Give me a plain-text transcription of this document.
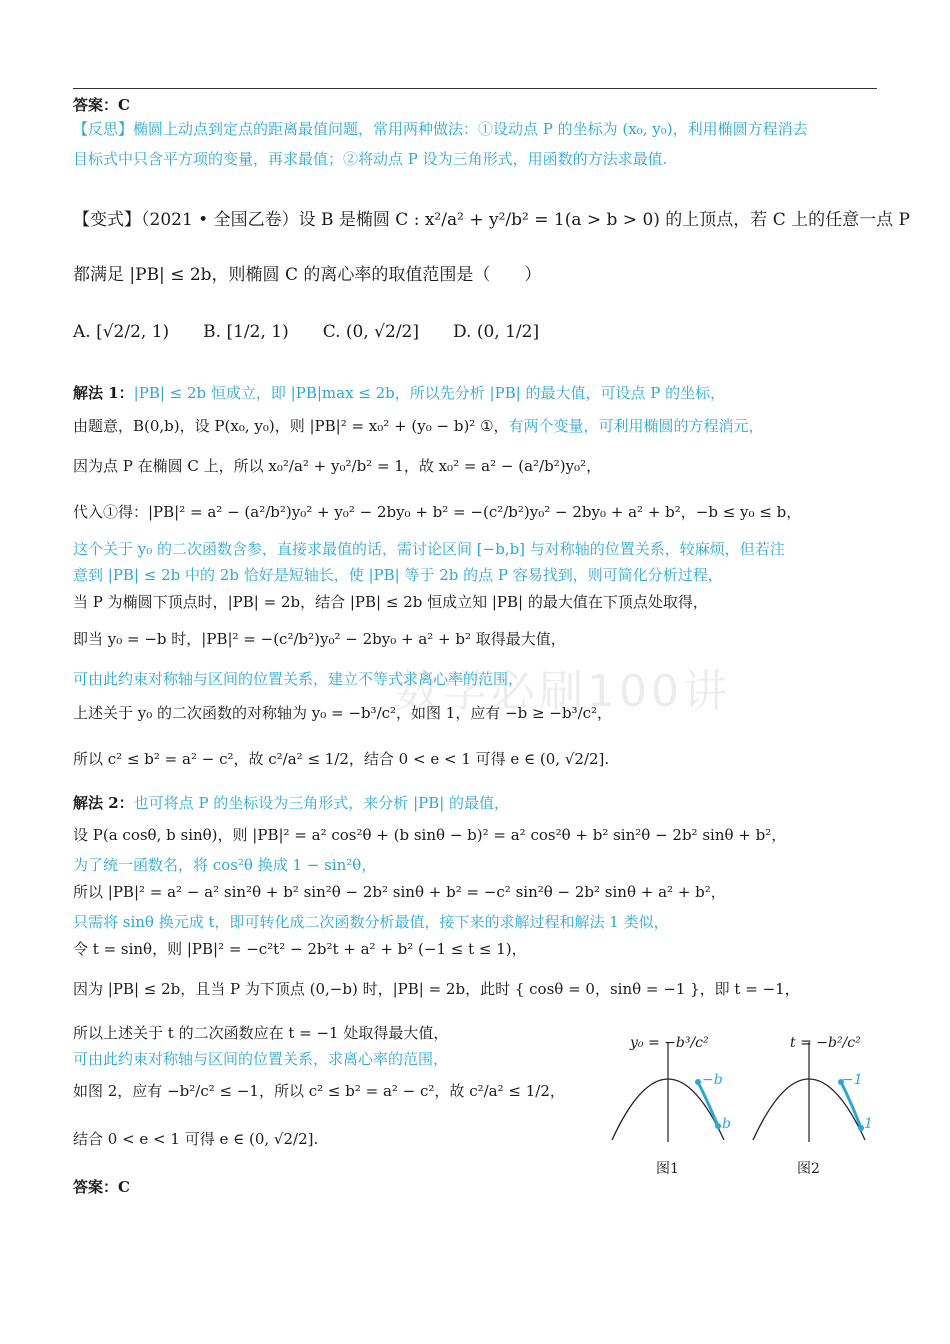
数学必刷100讲
答案：C
【反思】椭圆上动点到定点的距离最值问题，常用两种做法：①设动点 P 的坐标为 (x₀, y₀)，利用椭圆方程消去
目标式中只含平方项的变量，再求最值；②将动点 P 设为三角形式，用函数的方法求最值.
【变式】（2021 • 全国乙卷）设 B 是椭圆 C : x²/a² + y²/b² = 1(a > b > 0) 的上顶点，若 C 上的任意一点 P
都满足 |PB| ≤ 2b，则椭圆 C 的离心率的取值范围是（　　）
A. [√2/2, 1)　　B. [1/2, 1)　　C. (0, √2/2]　　D. (0, 1/2]
解法 1：|PB| ≤ 2b 恒成立，即 |PB|max ≤ 2b，所以先分析 |PB| 的最大值，可设点 P 的坐标，
由题意，B(0,b)，设 P(x₀, y₀)，则 |PB|² = x₀² + (y₀ − b)² ①，有两个变量，可利用椭圆的方程消元，
因为点 P 在椭圆 C 上，所以 x₀²/a² + y₀²/b² = 1，故 x₀² = a² − (a²/b²)y₀²，
代入①得：|PB|² = a² − (a²/b²)y₀² + y₀² − 2by₀ + b² = −(c²/b²)y₀² − 2by₀ + a² + b²，−b ≤ y₀ ≤ b，
这个关于 y₀ 的二次函数含参，直接求最值的话，需讨论区间 [−b,b] 与对称轴的位置关系，较麻烦，但若注
意到 |PB| ≤ 2b 中的 2b 恰好是短轴长，使 |PB| 等于 2b 的点 P 容易找到，则可简化分析过程，
当 P 为椭圆下顶点时，|PB| = 2b，结合 |PB| ≤ 2b 恒成立知 |PB| 的最大值在下顶点处取得，
即当 y₀ = −b 时，|PB|² = −(c²/b²)y₀² − 2by₀ + a² + b² 取得最大值，
可由此约束对称轴与区间的位置关系，建立不等式求离心率的范围，
上述关于 y₀ 的二次函数的对称轴为 y₀ = −b³/c²，如图 1，应有 −b ≥ −b³/c²，
所以 c² ≤ b² = a² − c²，故 c²/a² ≤ 1/2，结合 0 < e < 1 可得 e ∈ (0, √2/2].
解法 2：也可将点 P 的坐标设为三角形式，来分析 |PB| 的最值，
设 P(a cosθ, b sinθ)，则 |PB|² = a² cos²θ + (b sinθ − b)² = a² cos²θ + b² sin²θ − 2b² sinθ + b²，
为了统一函数名，将 cos²θ 换成 1 − sin²θ，
所以 |PB|² = a² − a² sin²θ + b² sin²θ − 2b² sinθ + b² = −c² sin²θ − 2b² sinθ + a² + b²，
只需将 sinθ 换元成 t，即可转化成二次函数分析最值，接下来的求解过程和解法 1 类似，
令 t = sinθ，则 |PB|² = −c²t² − 2b²t + a² + b² (−1 ≤ t ≤ 1)，
因为 |PB| ≤ 2b，且当 P 为下顶点 (0,−b) 时，|PB| = 2b，此时 { cosθ = 0，sinθ = −1 }，即 t = −1，
所以上述关于 t 的二次函数应在 t = −1 处取得最大值，
可由此约束对称轴与区间的位置关系，求离心率的范围，
如图 2，应有 −b²/c² ≤ −1，所以 c² ≤ b² = a² − c²，故 c²/a² ≤ 1/2，
结合 0 < e < 1 可得 e ∈ (0, √2/2].
答案：C
y₀ = −b³/c²
−b
b
图1
t = −b²/c²
−1
1
图2
